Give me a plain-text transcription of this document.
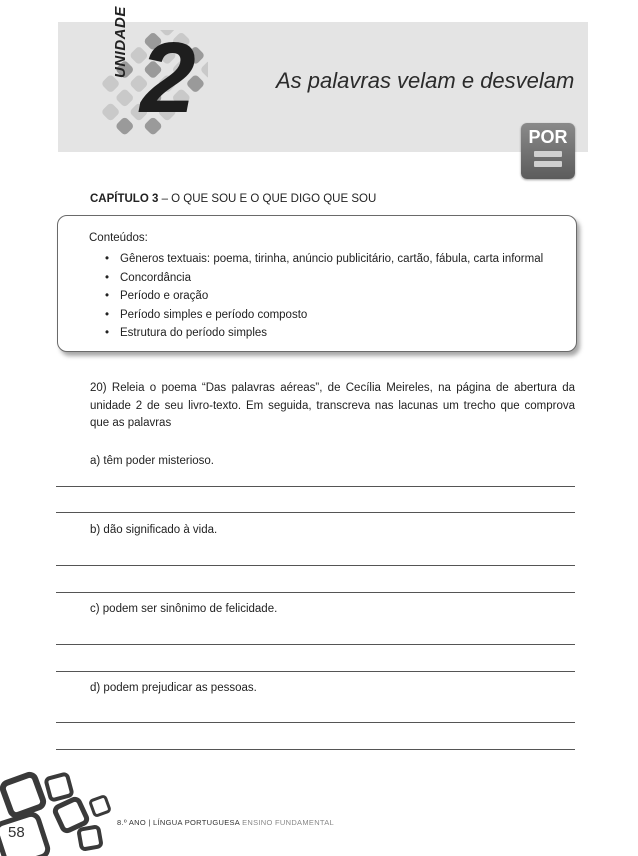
UNIDADE 2	As palavras velam e desvelam
POR
CAPÍTULO 3 – O QUE SOU E O QUE DIGO QUE SOU
Conteúdos:
• Gêneros textuais: poema, tirinha, anúncio publicitário, cartão, fábula, carta informal
• Concordância
• Período e oração
• Período simples e período composto
• Estrutura do período simples
20) Releia o poema “Das palavras aéreas”, de Cecília Meireles, na página de abertura da unidade 2 de seu livro-texto. Em seguida, transcreva nas lacunas um trecho que comprova que as palavras
a) têm poder misterioso.
b) dão significado à vida.
c) podem ser sinônimo de felicidade.
d) podem prejudicar as pessoas.
58
8.º ANO | LÍNGUA PORTUGUESA ENSINO FUNDAMENTAL
